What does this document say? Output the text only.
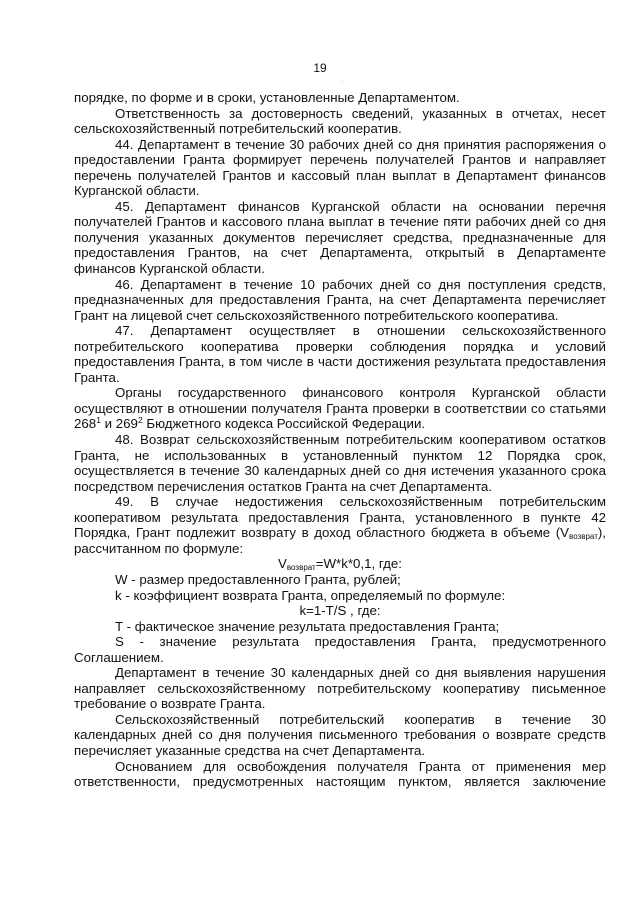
19
·

порядке, по форме и в сроки, установленные Департаментом.

Ответственность за достоверность сведений, указанных в отчетах, несет сельскохозяйственный потребительский кооператив.

44. Департамент в течение 30 рабочих дней со дня принятия распоряжения о предоставлении Гранта формирует перечень получателей Грантов и направляет перечень получателей Грантов и кассовый план выплат в Департамент финансов Курганской области.

45. Департамент финансов Курганской области на основании перечня получателей Грантов и кассового плана выплат в течение пяти рабочих дней со дня получения указанных документов перечисляет средства, предназначенные для предоставления Грантов, на счет Департамента, открытый в Департаменте финансов Курганской области.

46. Департамент в течение 10 рабочих дней со дня поступления средств, предназначенных для предоставления Гранта, на счет Департамента перечисляет Грант на лицевой счет сельскохозяйственного потребительского кооператива.

47. Департамент осуществляет в отношении сельскохозяйственного потребительского кооператива проверки соблюдения порядка и условий предоставления Гранта, в том числе в части достижения результата предоставления Гранта.

Органы государственного финансового контроля Курганской области осуществляют в отношении получателя Гранта проверки в соответствии со статьями $268^1$ и $269^2$ Бюджетного кодекса Российской Федерации.

48. Возврат сельскохозяйственным потребительским кооперативом остатков Гранта, не использованных в установленный пунктом 12 Порядка срок, осуществляется в течение 30 календарных дней со дня истечения указанного срока посредством перечисления остатков Гранта на счет Департамента.

49. В случае недостижения сельскохозяйственным потребительским кооперативом результата предоставления Гранта, установленного в пункте 42 Порядка, Грант подлежит возврату в доход областного бюджета в объеме $(V_{возврат})$, рассчитанном по формуле:

$V_{возврат}=W*k*0,1$, где:

W - размер предоставленного Гранта, рублей;

k - коэффициент возврата Гранта, определяемый по формуле:

k=1-T/S , где:

T - фактическое значение результата предоставления Гранта;

S - значение результата предоставления Гранта, предусмотренного Соглашением.

Департамент в течение 30 календарных дней со дня выявления нарушения направляет сельскохозяйственному потребительскому кооперативу письменное требование о возврате Гранта.

Сельскохозяйственный потребительский кооператив в течение 30 календарных дней со дня получения письменного требования о возврате средств перечисляет указанные средства на счет Департамента.

Основанием для освобождения получателя Гранта от применения мер ответственности, предусмотренных настоящим пунктом, является заключение
